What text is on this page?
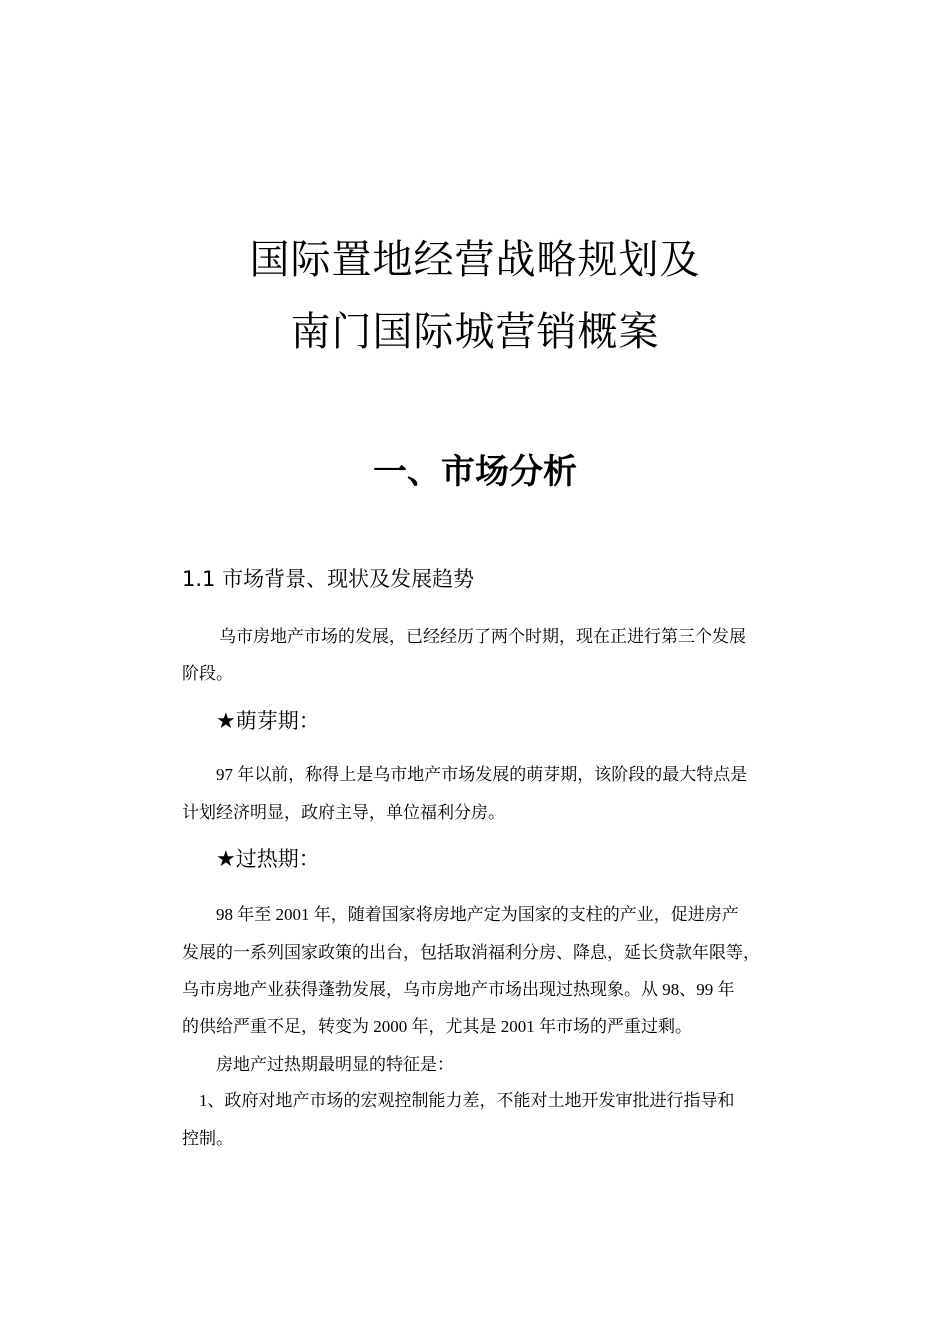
国际置地经营战略规划及
南门国际城营销概案
一、市场分析
1.1 市场背景、现状及发展趋势

乌市房地产市场的发展，已经经历了两个时期，现在正进行第三个发展

阶段。

★萌芽期：

97 年以前，称得上是乌市地产市场发展的萌芽期，该阶段的最大特点是

计划经济明显，政府主导，单位福利分房。

★过热期：

98 年至 2001 年，随着国家将房地产定为国家的支柱的产业，促进房产

发展的一系列国家政策的出台，包括取消福利分房、降息，延长贷款年限等，

乌市房地产业获得蓬勃发展，乌市房地产市场出现过热现象。从 98、99 年

的供给严重不足，转变为 2000 年，尤其是 2001 年市场的严重过剩。

房地产过热期最明显的特征是：

1、政府对地产市场的宏观控制能力差，不能对土地开发审批进行指导和

控制。
